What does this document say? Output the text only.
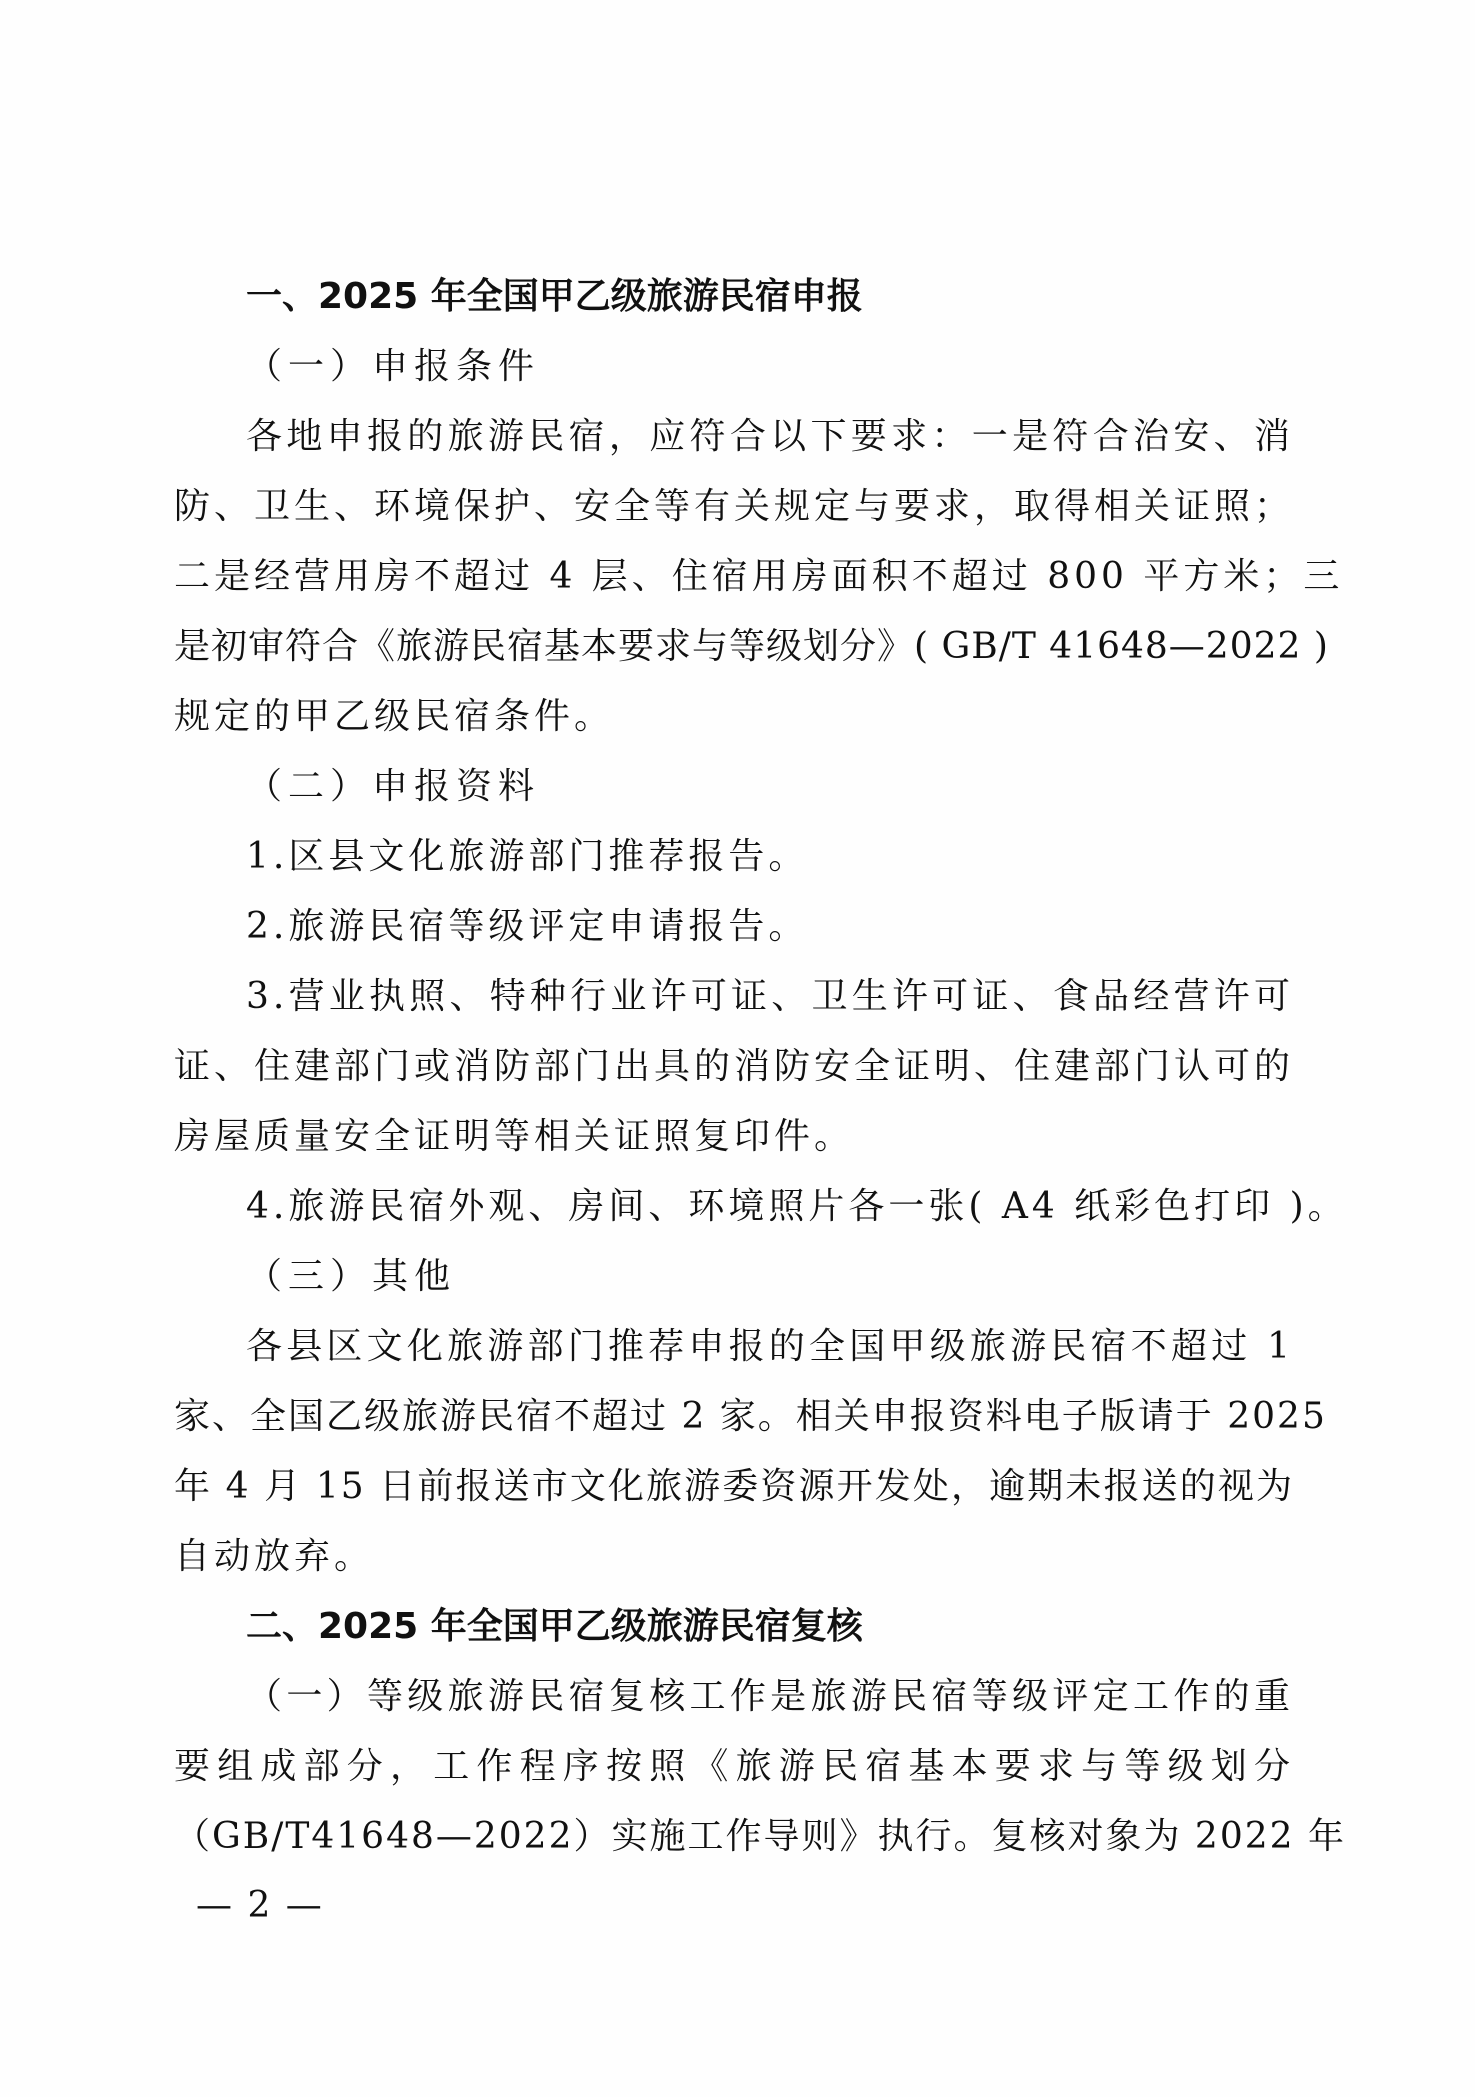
一、2025 年全国甲乙级旅游民宿申报
（一）申报条件
各地申报的旅游民宿，应符合以下要求：一是符合治安、消
防、卫生、环境保护、安全等有关规定与要求，取得相关证照；
二是经营用房不超过 4 层、住宿用房面积不超过 800 平方米；三
是初审符合《旅游民宿基本要求与等级划分》( GB/T 41648—2022 )
规定的甲乙级民宿条件。
（二）申报资料
1.区县文化旅游部门推荐报告。
2.旅游民宿等级评定申请报告。
3.营业执照、特种行业许可证、卫生许可证、食品经营许可
证、住建部门或消防部门出具的消防安全证明、住建部门认可的
房屋质量安全证明等相关证照复印件。
4.旅游民宿外观、房间、环境照片各一张( A4 纸彩色打印 )。
（三）其他
各县区文化旅游部门推荐申报的全国甲级旅游民宿不超过 1
家、全国乙级旅游民宿不超过 2 家。相关申报资料电子版请于 2025
年 4 月 15 日前报送市文化旅游委资源开发处，逾期未报送的视为
自动放弃。
二、2025 年全国甲乙级旅游民宿复核
（一）等级旅游民宿复核工作是旅游民宿等级评定工作的重
要组成部分，工作程序按照《旅游民宿基本要求与等级划分
（GB/T41648—2022）实施工作导则》执行。复核对象为 2022 年
— 2 —
